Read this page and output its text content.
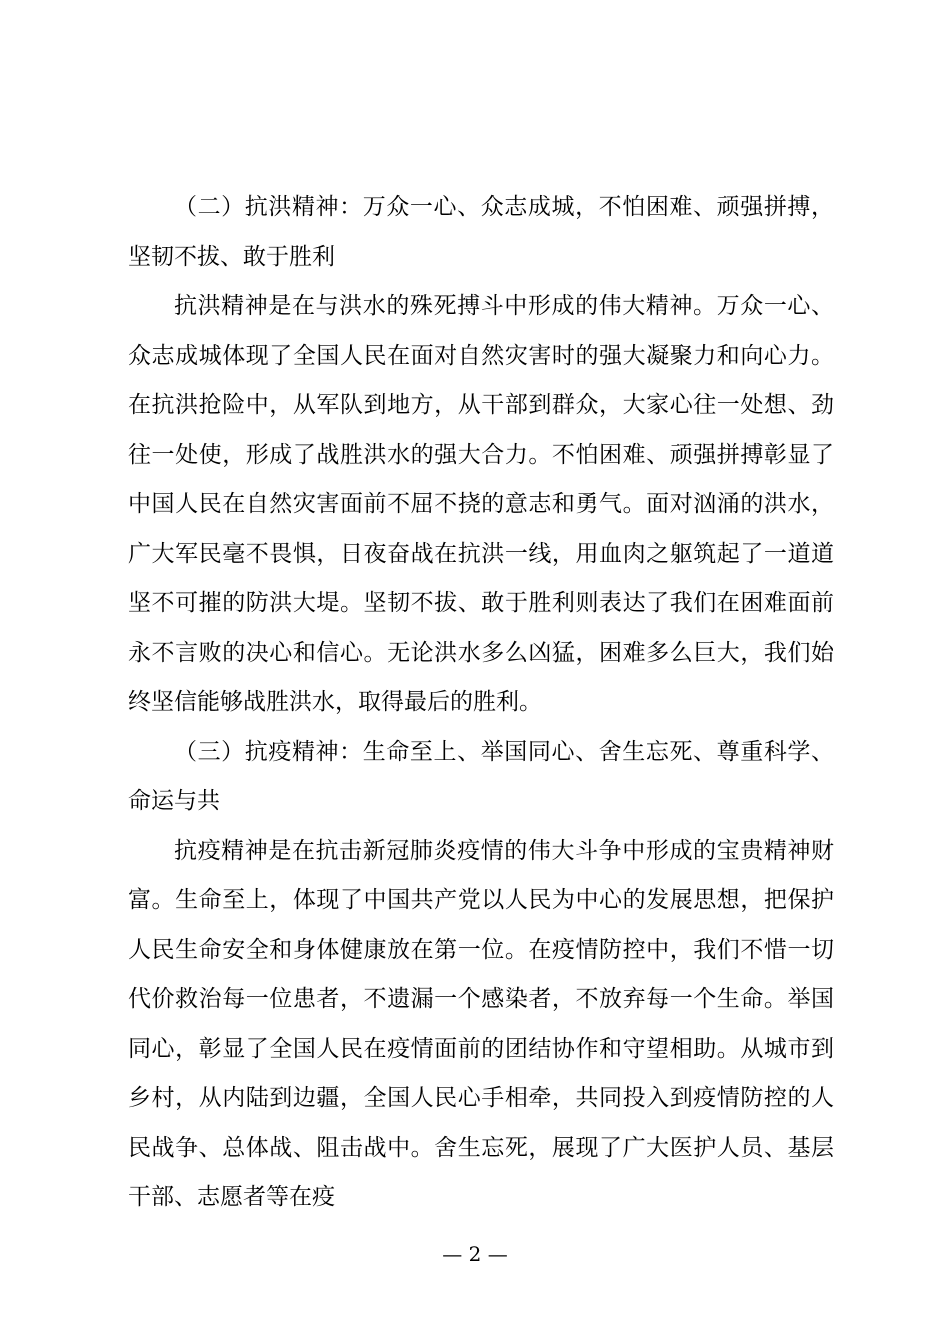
（二）抗洪精神：万众一心、众志成城，不怕困难、顽强拼搏，坚韧不拔、敢于胜利

抗洪精神是在与洪水的殊死搏斗中形成的伟大精神。万众一心、众志成城体现了全国人民在面对自然灾害时的强大凝聚力和向心力。在抗洪抢险中，从军队到地方，从干部到群众，大家心往一处想、劲往一处使，形成了战胜洪水的强大合力。不怕困难、顽强拼搏彰显了中国人民在自然灾害面前不屈不挠的意志和勇气。面对汹涌的洪水，广大军民毫不畏惧，日夜奋战在抗洪一线，用血肉之躯筑起了一道道坚不可摧的防洪大堤。坚韧不拔、敢于胜利则表达了我们在困难面前永不言败的决心和信心。无论洪水多么凶猛，困难多么巨大，我们始终坚信能够战胜洪水，取得最后的胜利。

（三）抗疫精神：生命至上、举国同心、舍生忘死、尊重科学、命运与共

抗疫精神是在抗击新冠肺炎疫情的伟大斗争中形成的宝贵精神财富。生命至上，体现了中国共产党以人民为中心的发展思想，把保护人民生命安全和身体健康放在第一位。在疫情防控中，我们不惜一切代价救治每一位患者，不遗漏一个感染者，不放弃每一个生命。举国同心，彰显了全国人民在疫情面前的团结协作和守望相助。从城市到乡村，从内陆到边疆，全国人民心手相牵，共同投入到疫情防控的人民战争、总体战、阻击战中。舍生忘死，展现了广大医护人员、基层干部、志愿者等在疫

— 2 —
